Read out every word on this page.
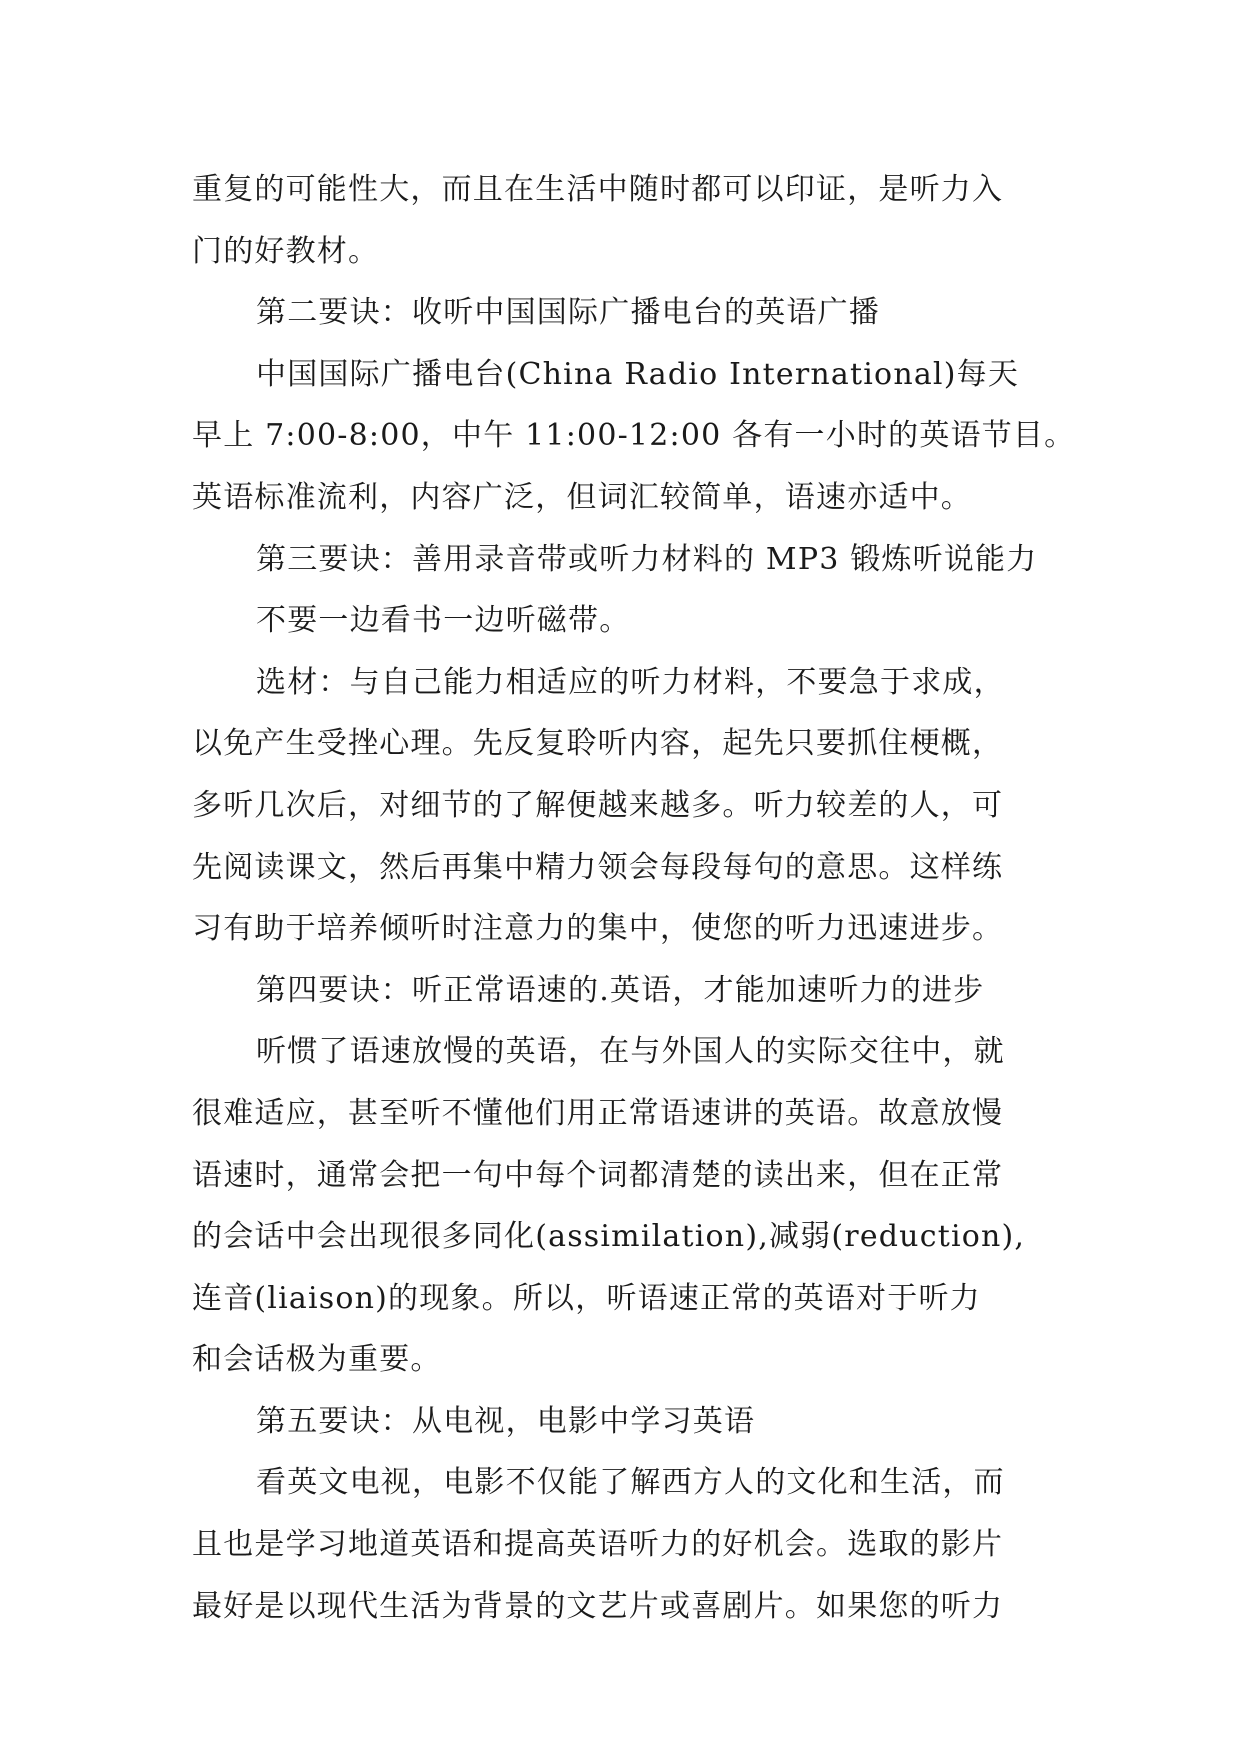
重复的可能性大，而且在生活中随时都可以印证，是听力入
门的好教材。
第二要诀：收听中国国际广播电台的英语广播
中国国际广播电台(China Radio International)每天
早上 7:00-8:00，中午 11:00-12:00 各有一小时的英语节目。
英语标准流利，内容广泛，但词汇较简单，语速亦适中。
第三要诀：善用录音带或听力材料的 MP3 锻炼听说能力
不要一边看书一边听磁带。
选材：与自己能力相适应的听力材料，不要急于求成，
以免产生受挫心理。先反复聆听内容，起先只要抓住梗概，
多听几次后，对细节的了解便越来越多。听力较差的人，可
先阅读课文，然后再集中精力领会每段每句的意思。这样练
习有助于培养倾听时注意力的集中，使您的听力迅速进步。
第四要诀：听正常语速的.英语，才能加速听力的进步
听惯了语速放慢的英语，在与外国人的实际交往中，就
很难适应，甚至听不懂他们用正常语速讲的英语。故意放慢
语速时，通常会把一句中每个词都清楚的读出来，但在正常
的会话中会出现很多同化(assimilation),减弱(reduction),
连音(liaison)的现象。所以，听语速正常的英语对于听力
和会话极为重要。
第五要诀：从电视，电影中学习英语
看英文电视，电影不仅能了解西方人的文化和生活，而
且也是学习地道英语和提高英语听力的好机会。选取的影片
最好是以现代生活为背景的文艺片或喜剧片。如果您的听力
